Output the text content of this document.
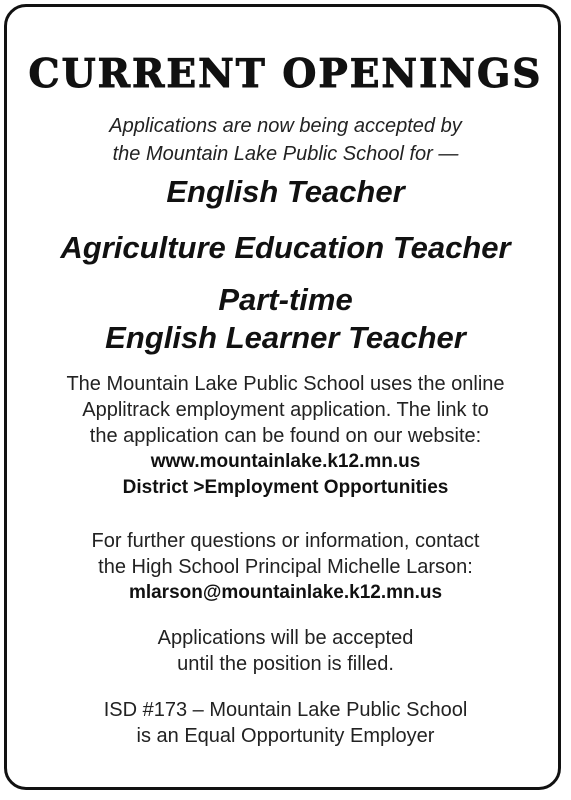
CURRENT OPENINGS
Applications are now being accepted by
the Mountain Lake Public School for —
English Teacher
Agriculture Education Teacher
Part-time
English Learner Teacher
The Mountain Lake Public School uses the online
Applitrack employment application. The link to
the application can be found on our website:
www.mountainlake.k12.mn.us
District >Employment Opportunities
For further questions or information, contact
the High School Principal Michelle Larson:
mlarson@mountainlake.k12.mn.us
Applications will be accepted
until the position is filled.
ISD #173 – Mountain Lake Public School
is an Equal Opportunity Employer
